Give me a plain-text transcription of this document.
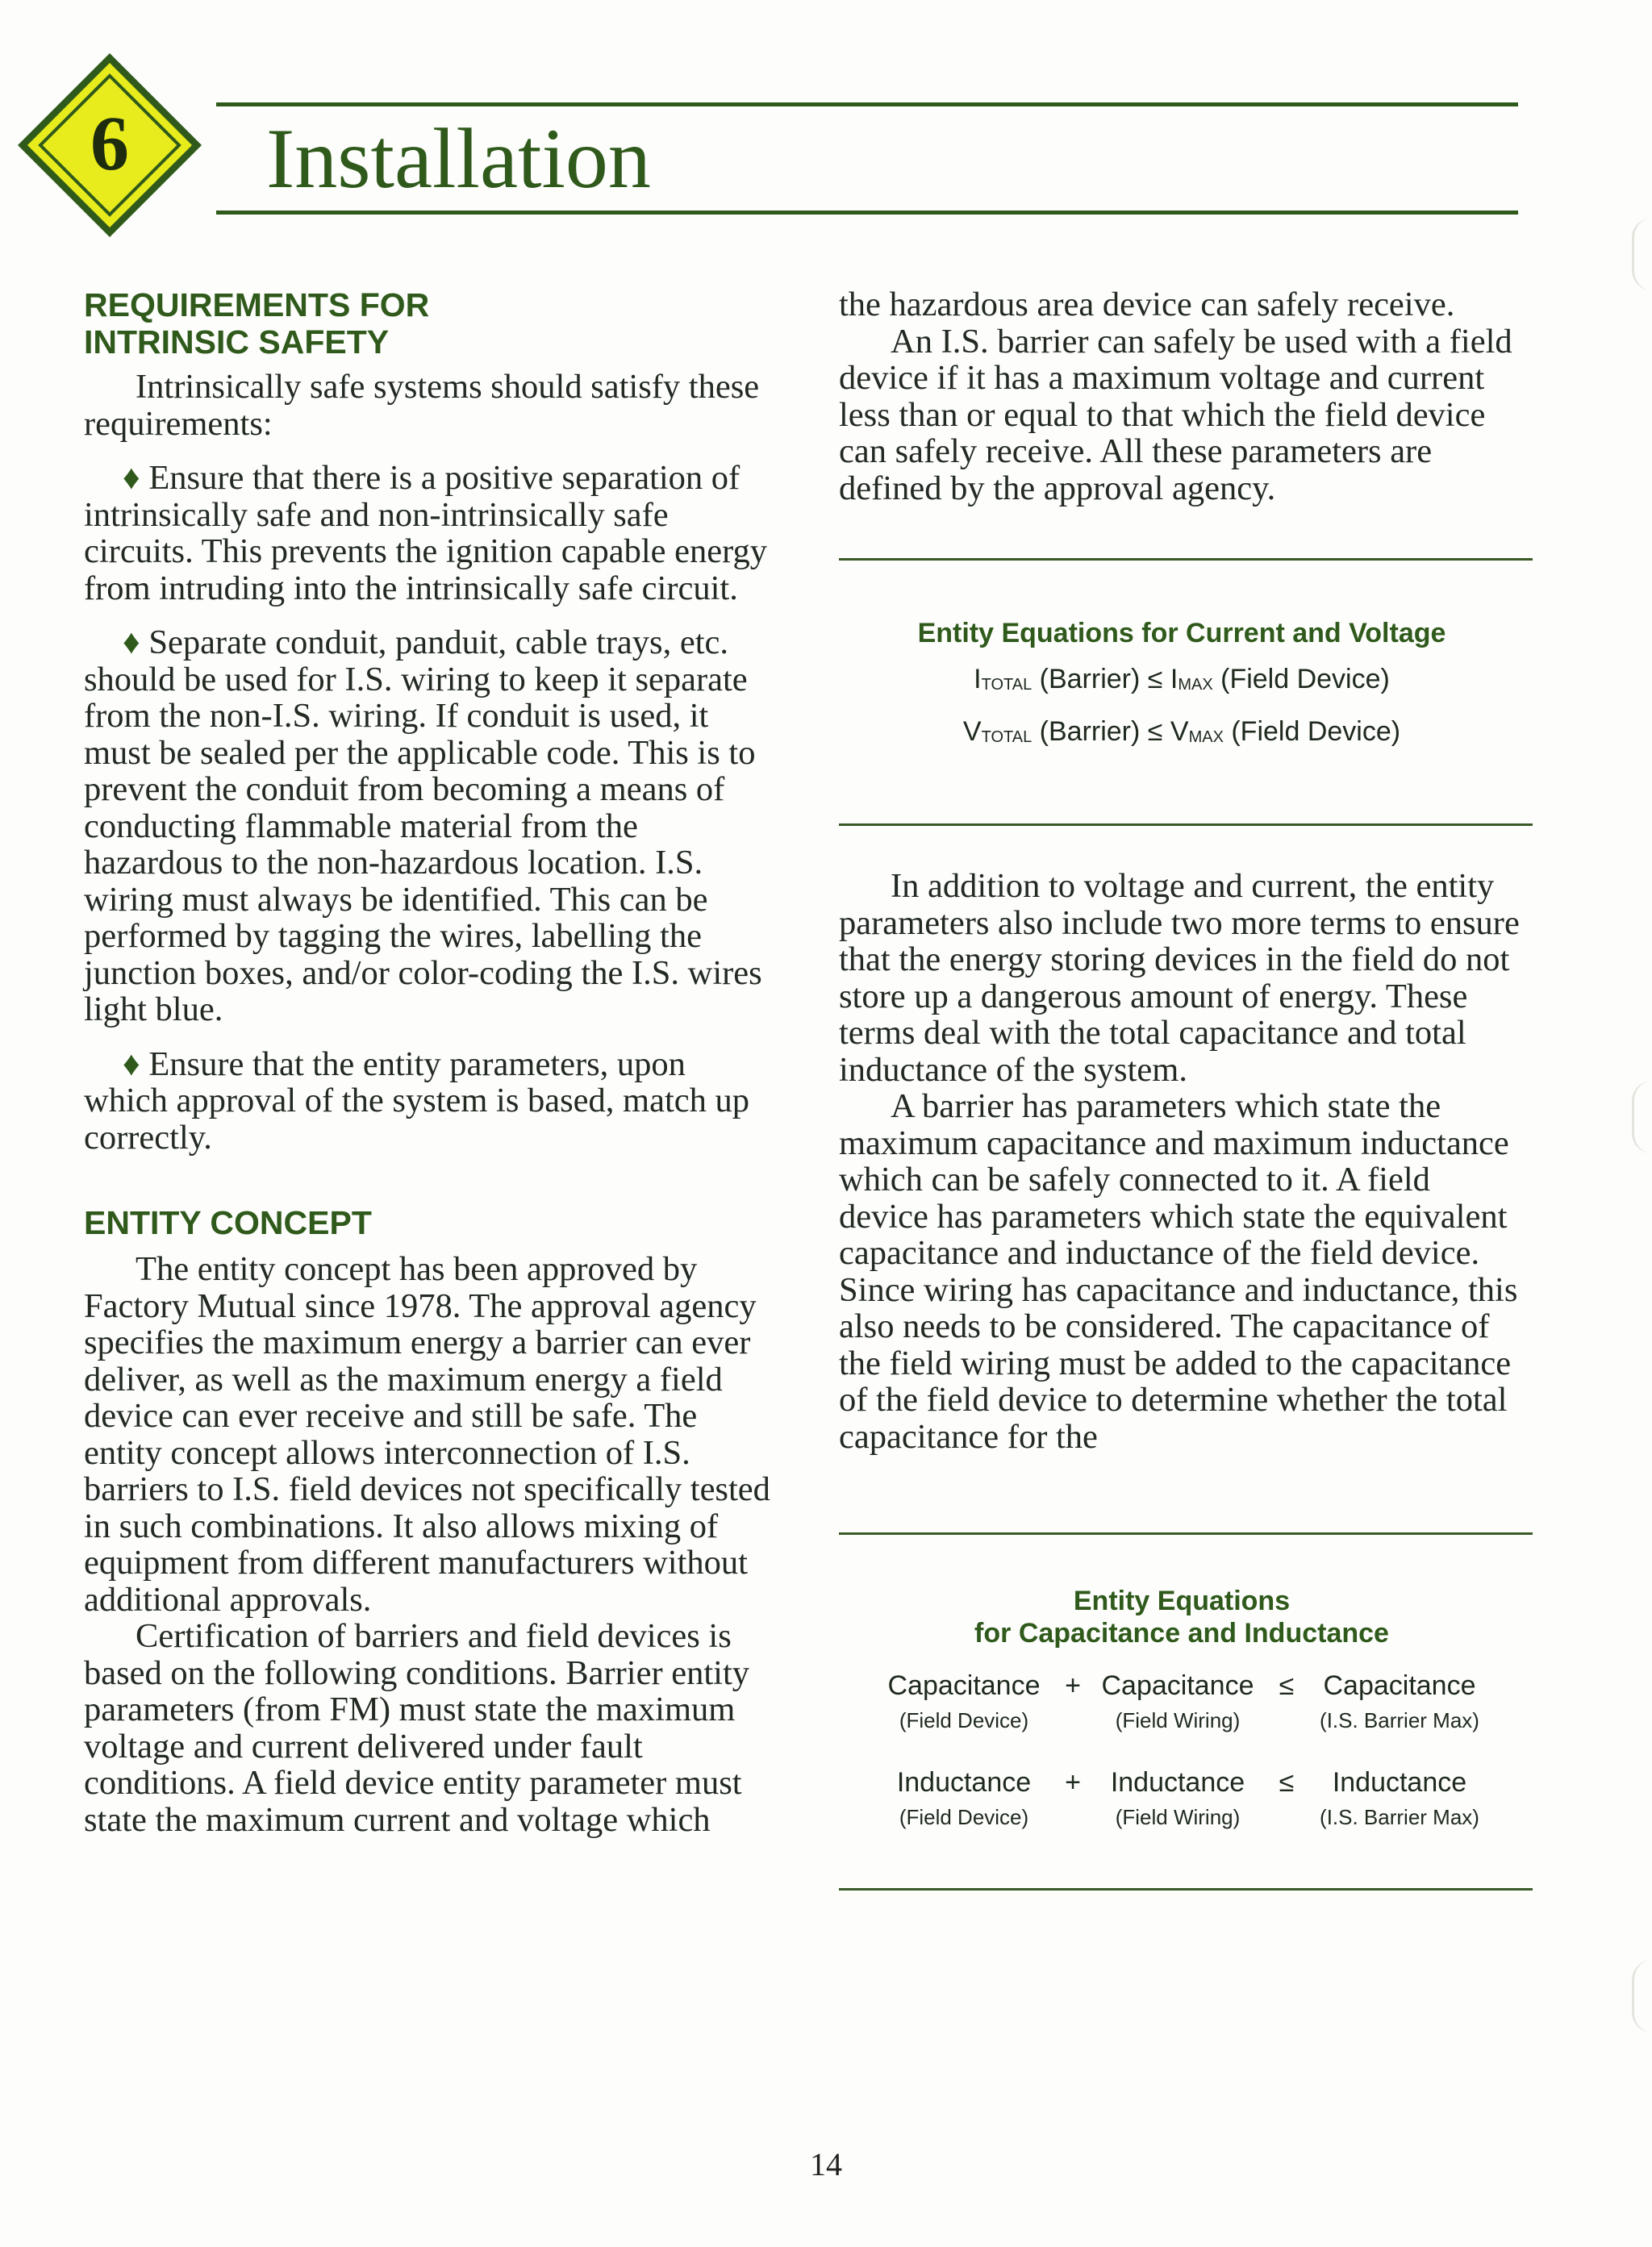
6 Installation
REQUIREMENTS FOR
INTRINSIC SAFETY

Intrinsically safe systems should satisfy these requirements:

♦ Ensure that there is a positive separation of intrinsically safe and non-intrinsically safe circuits. This prevents the ignition capable energy from intruding into the intrinsically safe circuit.

♦ Separate conduit, panduit, cable trays, etc. should be used for I.S. wiring to keep it separate from the non-I.S. wiring. If conduit is used, it must be sealed per the applicable code. This is to prevent the conduit from becoming a means of conducting flammable material from the hazardous to the non-hazardous location. I.S. wiring must always be identified. This can be performed by tagging the wires, labelling the junction boxes, and/or color-coding the I.S. wires light blue.

♦ Ensure that the entity parameters, upon which approval of the system is based, match up correctly.

ENTITY CONCEPT

The entity concept has been approved by Factory Mutual since 1978. The approval agency specifies the maximum energy a barrier can ever deliver, as well as the maximum energy a field device can ever receive and still be safe. The entity concept allows interconnection of I.S. barriers to I.S. field devices not specifically tested in such combinations. It also allows mixing of equipment from different manufacturers without additional approvals.

Certification of barriers and field devices is based on the following conditions. Barrier entity parameters (from FM) must state the maximum voltage and current delivered under fault conditions. A field device entity parameter must state the maximum current and voltage which

the hazardous area device can safely receive.

An I.S. barrier can safely be used with a field device if it has a maximum voltage and current less than or equal to that which the field device can safely receive. All these parameters are defined by the approval agency.

Entity Equations for Current and Voltage

$I_{TOTAL}$ (Barrier) ≤ $I_{MAX}$ (Field Device)

$V_{TOTAL}$ (Barrier) ≤ $V_{MAX}$ (Field Device)

In addition to voltage and current, the entity parameters also include two more terms to ensure that the energy storing devices in the field do not store up a dangerous amount of energy. These terms deal with the total capacitance and total inductance of the system.

A barrier has parameters which state the maximum capacitance and maximum inductance which can be safely connected to it. A field device has parameters which state the equivalent capacitance and inductance of the field device. Since wiring has capacitance and inductance, this also needs to be considered. The capacitance of the field wiring must be added to the capacitance of the field device to determine whether the total capacitance for the

Entity Equations

for Capacitance and Inductance

Capacitance + Capacitance ≤	Capacitance
(Field Device)	(Field Wiring)	(I.S. Barrier Max)
Inductance	+	Inductance	≤	Inductance
(Field Device)	(Field Wiring)	(I.S. Barrier Max)
14
